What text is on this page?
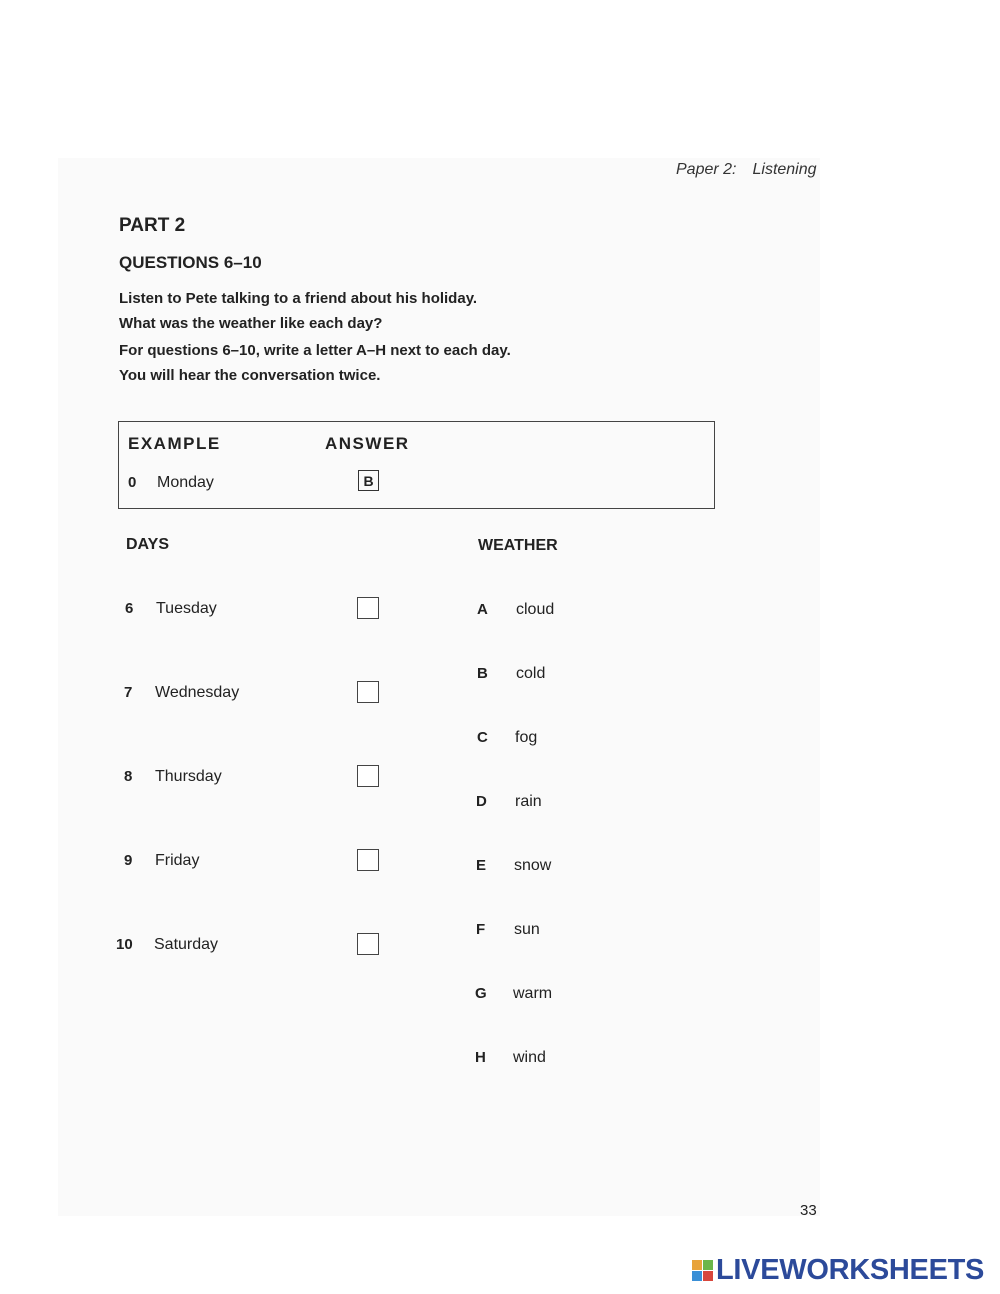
Paper 2: Listening
PART 2
QUESTIONS 6–10
Listen to Pete talking to a friend about his holiday.
What was the weather like each day?
For questions 6–10, write a letter A–H next to each day.
You will hear the conversation twice.
EXAMPLE	ANSWER
0 Monday	B
DAYS	WEATHER
6 Tuesday
7 Wednesday
8 Thursday
9 Friday
10 Saturday
A cloud
B cold
C fog
D rain
E snow
F sun
G warm
H wind
33
LIVEWORKSHEETS
